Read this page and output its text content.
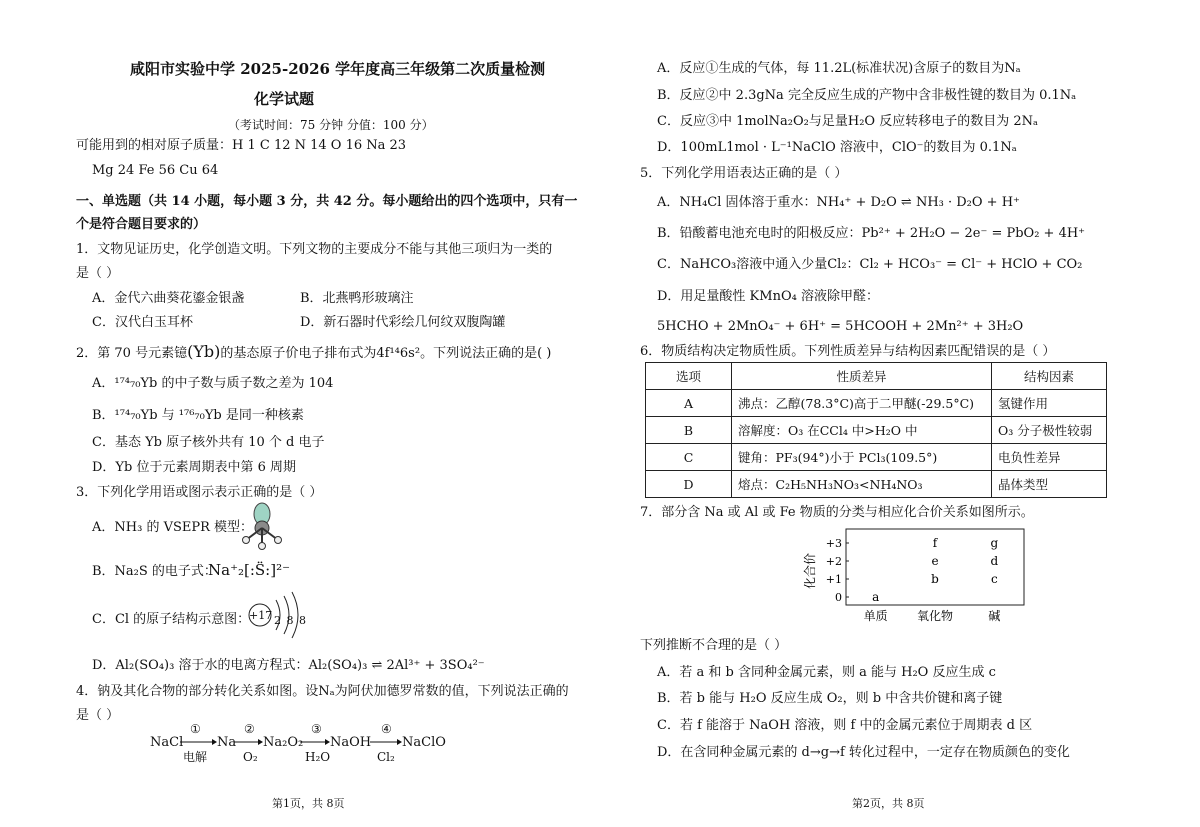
咸阳市实验中学 2025-2026 学年度高三年级第二次质量检测
化学试题
（考试时间：75 分钟 分值：100 分）
可能用到的相对原子质量：H 1 C 12 N 14 O 16 Na 23
Mg 24 Fe 56 Cu 64
一、单选题（共 14 小题，每小题 3 分，共 42 分。每小题给出的四个选项中，只有一
个是符合题目要求的）
1．文物见证历史，化学创造文明。下列文物的主要成分不能与其他三项归为一类的
是（ ）
A．金代六曲葵花鎏金银盏	B．北燕鸭形玻璃注
C．汉代白玉耳杯	D．新石器时代彩绘几何纹双腹陶罐
2．第 70 号元素镱(Yb)的基态原子价电子排布式为4f¹⁴6s²。下列说法正确的是( )
A．¹⁷⁴₇₀Yb 的中子数与质子数之差为 104
B．¹⁷⁴₇₀Yb 与 ¹⁷⁶₇₀Yb 是同一种核素
C．基态 Yb 原子核外共有 10 个 d 电子
D．Yb 位于元素周期表中第 6 周期
3．下列化学用语或图示表示正确的是（ ）
A．NH₃ 的 VSEPR 模型：
B．Na₂S 的电子式：
Na⁺₂[:S̈:]²⁻
C．Cl 的原子结构示意图：
+17 2 8 8
D．Al₂(SO₄)₃ 溶于水的电离方程式：Al₂(SO₄)₃ ⇌ 2Al³⁺ + 3SO₄²⁻
4．钠及其化合物的部分转化关系如图。设Nₐ为阿伏加德罗常数的值，下列说法正确的
是（ ）
NaCl	Na Na₂O₂ NaOH NaClO
①
电解
②
O₂
③
H₂O
④
Cl₂
第1页，共 8页
A．反应①生成的气体，每 11.2L(标准状况)含原子的数目为Nₐ
B．反应②中 2.3gNa 完全反应生成的产物中含非极性键的数目为 0.1Nₐ
C．反应③中 1molNa₂O₂与足量H₂O 反应转移电子的数目为 2Nₐ
D．100mL1mol · L⁻¹NaClO 溶液中，ClO⁻的数目为 0.1Nₐ
5．下列化学用语表达正确的是（ ）
A．NH₄Cl 固体溶于重水：NH₄⁺ + D₂O ⇌ NH₃ · D₂O + H⁺
B．铅酸蓄电池充电时的阳极反应：Pb²⁺ + 2H₂O − 2e⁻ = PbO₂ + 4H⁺
C．NaHCO₃溶液中通入少量Cl₂：Cl₂ + HCO₃⁻ = Cl⁻ + HClO + CO₂
D．用足量酸性 KMnO₄ 溶液除甲醛：
5HCHO + 2MnO₄⁻ + 6H⁺ = 5HCOOH + 2Mn²⁺ + 3H₂O
6．物质结构决定物质性质。下列性质差异与结构因素匹配错误的是（ ）
选项	性质差异	结构因素
A	沸点：乙醇(78.3°C)高于二甲醚(-29.5°C)	氢键作用
B	溶解度：O₃ 在CCl₄ 中>H₂O 中	O₃ 分子极性较弱
C	键角：PF₃(94°)小于 PCl₃(109.5°)	电负性差异
D	熔点：C₂H₅NH₃NO₃<NH₄NO₃	晶体类型
7．部分含 Na 或 Al 或 Fe 物质的分类与相应化合价关系如图所示。
化合价
0
+1
+2
+3
单质 氧化物	碱
a
b
e
f
c
d
g
下列推断不合理的是（ ）
A．若 a 和 b 含同种金属元素，则 a 能与 H₂O 反应生成 c
B．若 b 能与 H₂O 反应生成 O₂，则 b 中含共价键和离子键
C．若 f 能溶于 NaOH 溶液，则 f 中的金属元素位于周期表 d 区
D．在含同种金属元素的 d→g→f 转化过程中，一定存在物质颜色的变化
第2页，共 8页
